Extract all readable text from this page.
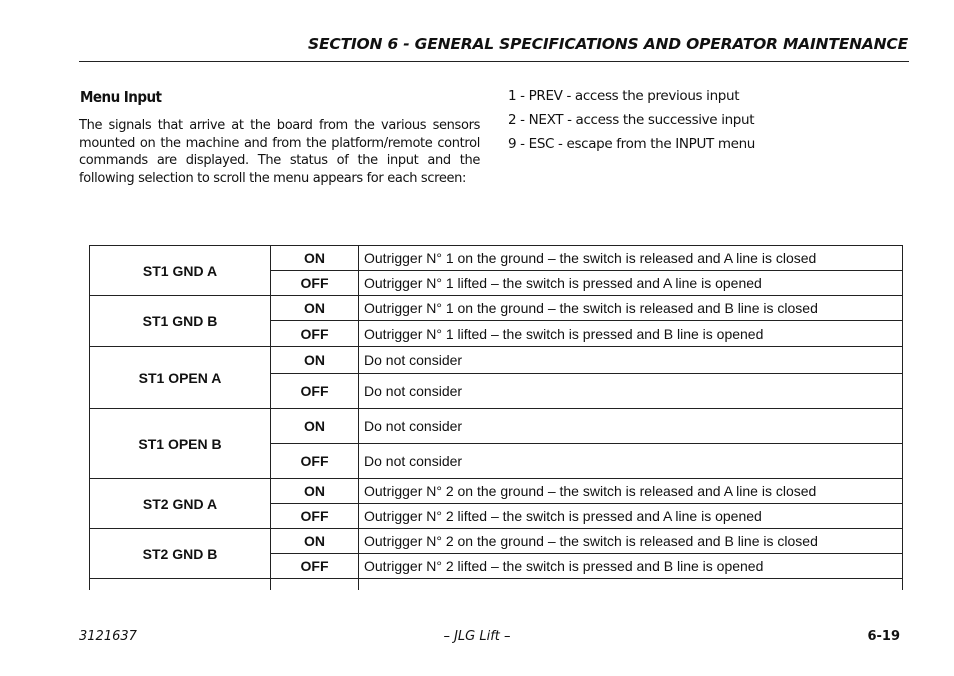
SECTION 6 - GENERAL SPECIFICATIONS AND OPERATOR MAINTENANCE
Menu Input
The signals that arrive at the board from the various sensors mounted on the machine and from the platform/remote control commands are displayed. The status of the input and the following selection to scroll the menu appears for each screen:
1 - PREV - access the previous input
2 - NEXT - access the successive input
9 - ESC - escape from the INPUT menu
ST1 GND A	ON	Outrigger N° 1 on the ground – the switch is released and A line is closed
	OFF	Outrigger N° 1 lifted – the switch is pressed and A line is opened
ST1 GND B	ON	Outrigger N° 1 on the ground – the switch is released and B line is closed
	OFF	Outrigger N° 1 lifted – the switch is pressed and B line is opened
ST1 OPEN A	ON	Do not consider
	OFF	Do not consider
ST1 OPEN B	ON	Do not consider
	OFF	Do not consider
ST2 GND A	ON	Outrigger N° 2 on the ground – the switch is released and A line is closed
	OFF	Outrigger N° 2 lifted – the switch is pressed and A line is opened
ST2 GND B	ON	Outrigger N° 2 on the ground – the switch is released and B line is closed
	OFF	Outrigger N° 2 lifted – the switch is pressed and B line is opened

3121637	– JLG Lift –	6-19
